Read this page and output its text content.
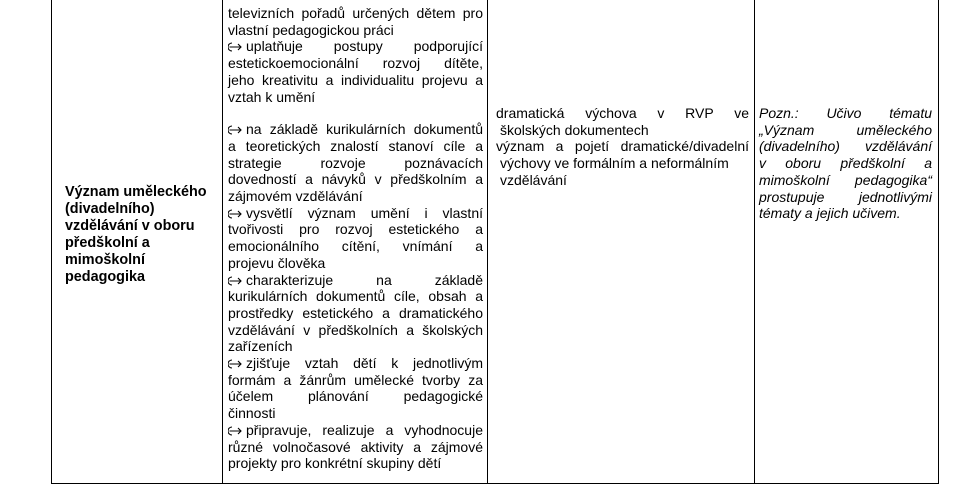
Význam uměleckého
(divadelního)
vzdělávání v oboru
předškolní a
mimoškolní
pedagogika

televizních pořadů určených dětem pro
vlastní pedagogickou práci
uplatňuje postupy podporující
estetickoemocionální rozvoj dítěte,
jeho kreativitu a individualitu projevu a
vztah k umění
na základě kurikulárních dokumentů
a teoretických znalostí stanoví cíle a
strategie rozvoje poznávacích
dovedností a návyků v předškolním a
zájmovém vzdělávání
vysvětlí význam umění i vlastní
tvořivosti pro rozvoj estetického a
emocionálního cítění, vnímání a
projevu člověka
charakterizuje na základě
kurikulárních dokumentů cíle, obsah a
prostředky estetického a dramatického
vzdělávání v předškolních a školských
zařízeních
zjišťuje vztah dětí k jednotlivým
formám a žánrům umělecké tvorby za
účelem plánování pedagogické
činnosti
připravuje, realizuje a vyhodnocuje
různé volnočasové aktivity a zájmové
projekty pro konkrétní skupiny dětí

dramatická výchova v RVP ve
školských dokumentech
význam a pojetí dramatické/divadelní
výchovy ve formálním a neformálním
vzdělávání

Pozn.: Učivo tématu
„Význam uměleckého
(divadelního) vzdělávání
v oboru předškolní a
mimoškolní pedagogika“
prostupuje jednotlivými
tématy a jejich učivem.
